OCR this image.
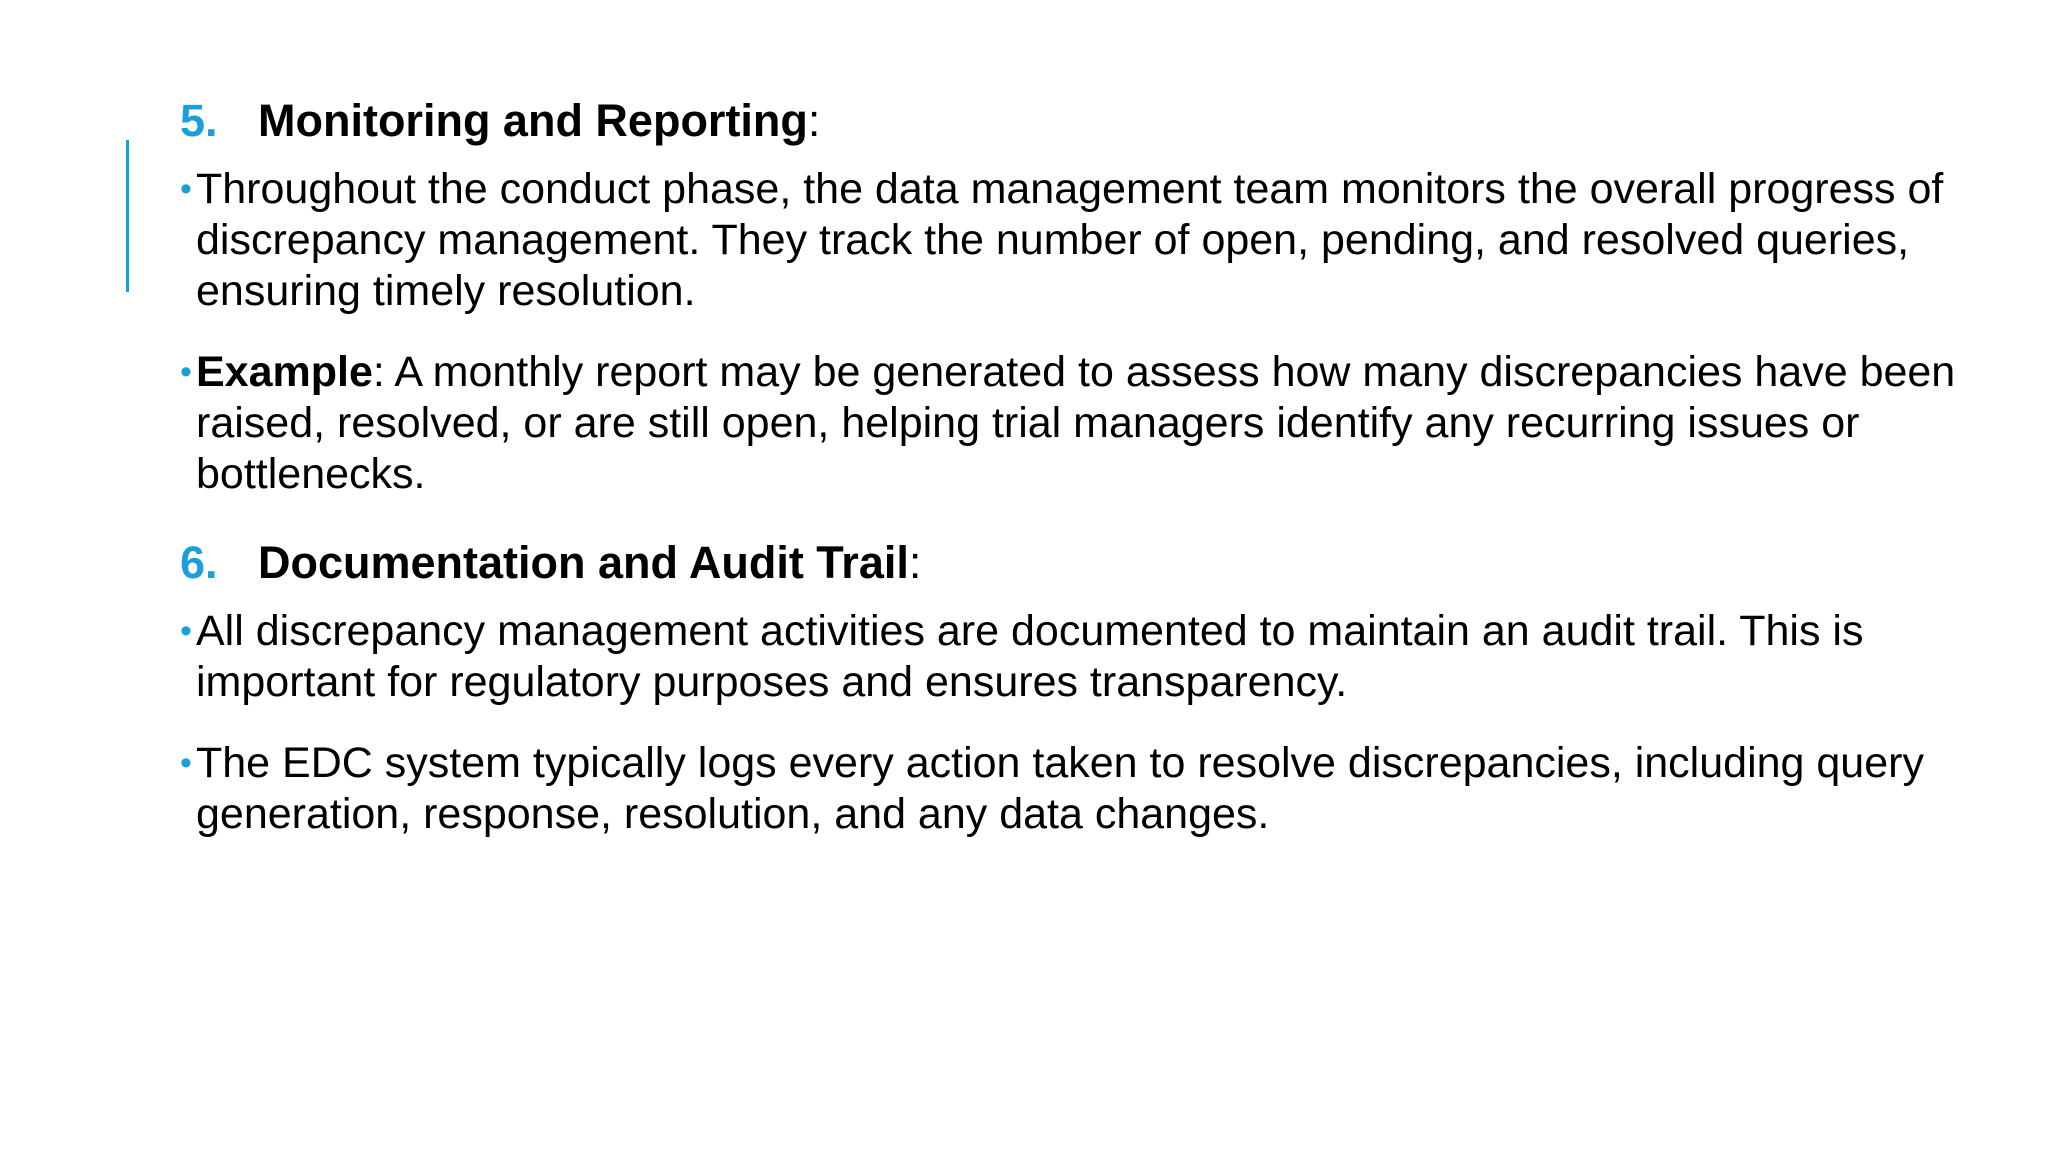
5. Monitoring and Reporting:
• Throughout the conduct phase, the data management team monitors the overall progress of discrepancy management. They track the number of open, pending, and resolved queries, ensuring timely resolution.
• Example: A monthly report may be generated to assess how many discrepancies have been raised, resolved, or are still open, helping trial managers identify any recurring issues or bottlenecks.
6. Documentation and Audit Trail:
• All discrepancy management activities are documented to maintain an audit trail. This is important for regulatory purposes and ensures transparency.
• The EDC system typically logs every action taken to resolve discrepancies, including query generation, response, resolution, and any data changes.
